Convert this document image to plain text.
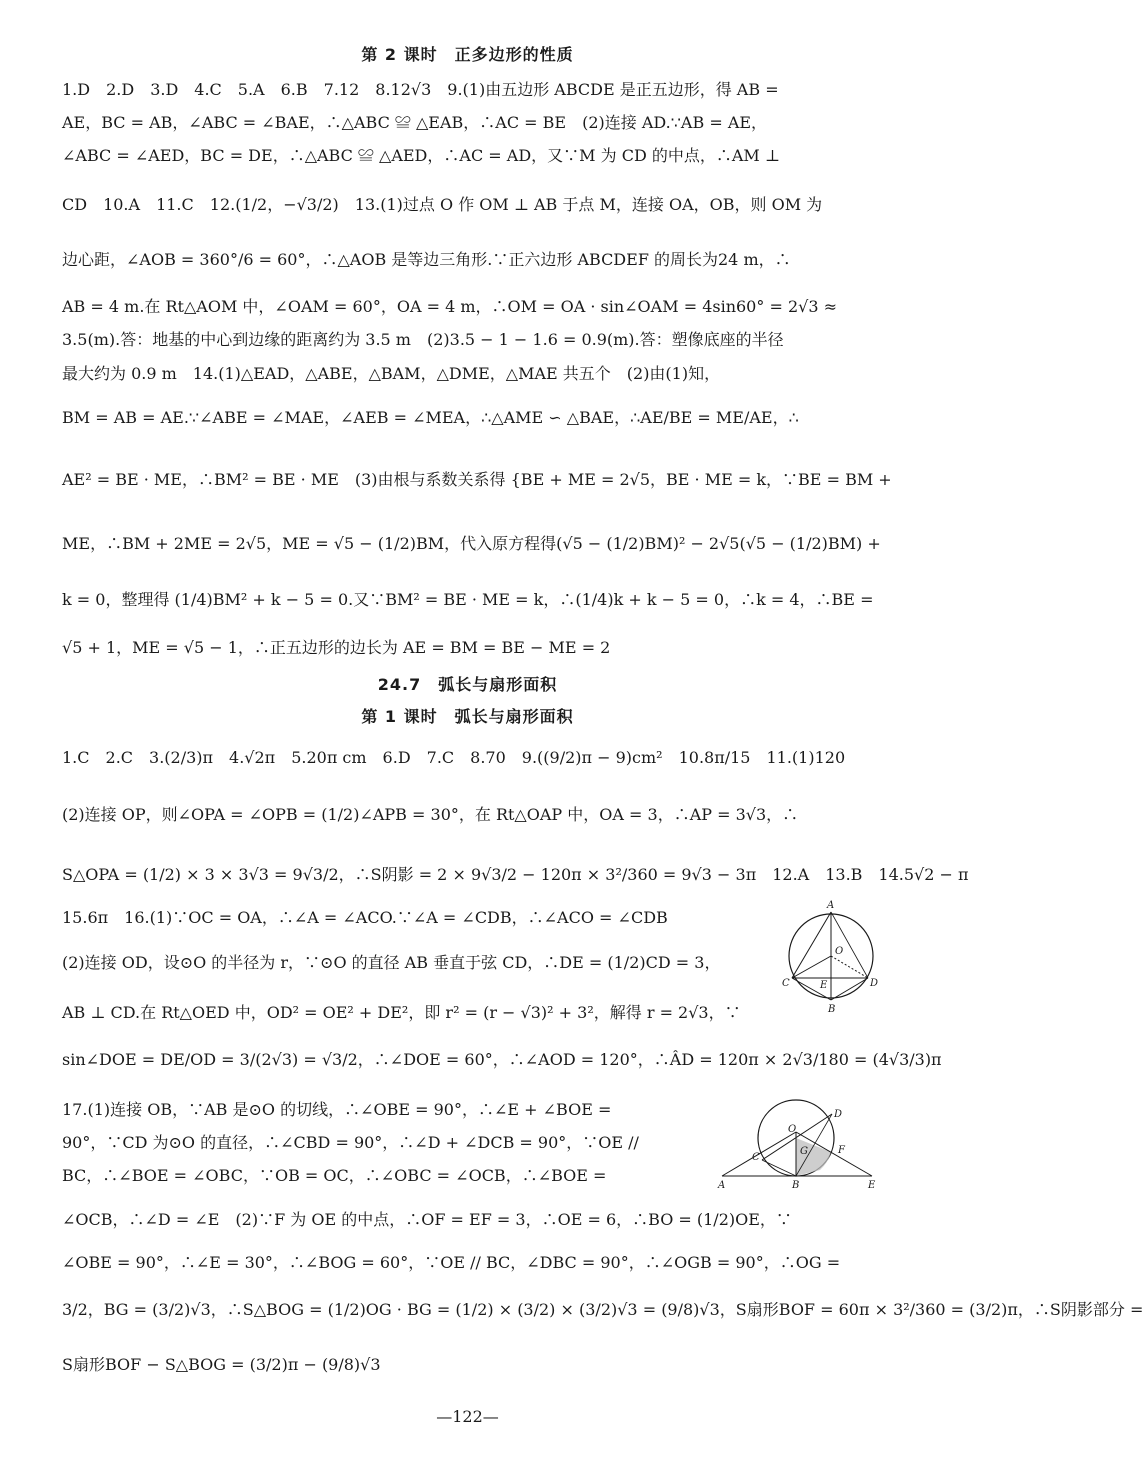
第 2 课时　正多边形的性质
1.D　2.D　3.D　4.C　5.A　6.B　7.12　8.12√3　9.(1)由五边形 ABCDE 是正五边形，得 AB =
AE，BC = AB，∠ABC = ∠BAE，∴△ABC ≌ △EAB，∴AC = BE　(2)连接 AD.∵AB = AE，
∠ABC = ∠AED，BC = DE，∴△ABC ≌ △AED，∴AC = AD，又∵M 为 CD 的中点，∴AM ⊥
CD　10.A　11.C　12.(1/2，−√3/2)　13.(1)过点 O 作 OM ⊥ AB 于点 M，连接 OA，OB，则 OM 为
边心距，∠AOB = 360°/6 = 60°，∴△AOB 是等边三角形.∵正六边形 ABCDEF 的周长为24 m，∴
AB = 4 m.在 Rt△AOM 中，∠OAM = 60°，OA = 4 m，∴OM = OA · sin∠OAM = 4sin60° = 2√3 ≈
3.5(m).答：地基的中心到边缘的距离约为 3.5 m　(2)3.5 − 1 − 1.6 = 0.9(m).答：塑像底座的半径
最大约为 0.9 m　14.(1)△EAD，△ABE，△BAM，△DME，△MAE 共五个　(2)由(1)知，
BM = AB = AE.∵∠ABE = ∠MAE，∠AEB = ∠MEA，∴△AME ∽ △BAE，∴AE/BE = ME/AE，∴
AE² = BE · ME，∴BM² = BE · ME　(3)由根与系数关系得 {BE + ME = 2√5，BE · ME = k，∵BE = BM +
ME，∴BM + 2ME = 2√5，ME = √5 − (1/2)BM，代入原方程得(√5 − (1/2)BM)² − 2√5(√5 − (1/2)BM) +
k = 0，整理得 (1/4)BM² + k − 5 = 0.又∵BM² = BE · ME = k，∴(1/4)k + k − 5 = 0，∴k = 4，∴BE =
√5 + 1，ME = √5 − 1，∴正五边形的边长为 AE = BM = BE − ME = 2
24.7　弧长与扇形面积
第 1 课时　弧长与扇形面积
1.C　2.C　3.(2/3)π　4.√2π　5.20π cm　6.D　7.C　8.70　9.((9/2)π − 9)cm²　10.8π/15　11.(1)120
(2)连接 OP，则∠OPA = ∠OPB = (1/2)∠APB = 30°，在 Rt△OAP 中，OA = 3，∴AP = 3√3，∴
S△OPA = (1/2) × 3 × 3√3 = 9√3/2，∴S阴影 = 2 × 9√3/2 − 120π × 3²/360 = 9√3 − 3π　12.A　13.B　14.5√2 − π
15.6π　16.(1)∵OC = OA，∴∠A = ∠ACO.∵∠A = ∠CDB，∴∠ACO = ∠CDB
(2)连接 OD，设⊙O 的半径为 r，∵⊙O 的直径 AB 垂直于弦 CD，∴DE = (1/2)CD = 3，
AB ⊥ CD.在 Rt△OED 中，OD² = OE² + DE²，即 r² = (r − √3)² + 3²，解得 r = 2√3，∵
sin∠DOE = DE/OD = 3/(2√3) = √3/2，∴∠DOE = 60°，∴∠AOD = 120°，∴ÂD = 120π × 2√3/180 = (4√3/3)π
17.(1)连接 OB，∵AB 是⊙O 的切线，∴∠OBE = 90°，∴∠E + ∠BOE =
90°，∵CD 为⊙O 的直径，∴∠CBD = 90°，∴∠D + ∠DCB = 90°，∵OE //
BC，∴∠BOE = ∠OBC，∵OB = OC，∴∠OBC = ∠OCB，∴∠BOE =
∠OCB，∴∠D = ∠E　(2)∵F 为 OE 的中点，∴OF = EF = 3，∴OE = 6，∴BO = (1/2)OE，∵
∠OBE = 90°，∴∠E = 30°，∴∠BOG = 60°，∵OE // BC，∠DBC = 90°，∴∠OGB = 90°，∴OG =
3/2，BG = (3/2)√3，∴S△BOG = (1/2)OG · BG = (1/2) × (3/2) × (3/2)√3 = (9/8)√3，S扇形BOF = 60π × 3²/360 = (3/2)π，∴S阴影部分 =
S扇形BOF − S△BOG = (3/2)π − (9/8)√3
—122—
A
O
C	E	D
B
O
D
C
G	F
A	B	E
